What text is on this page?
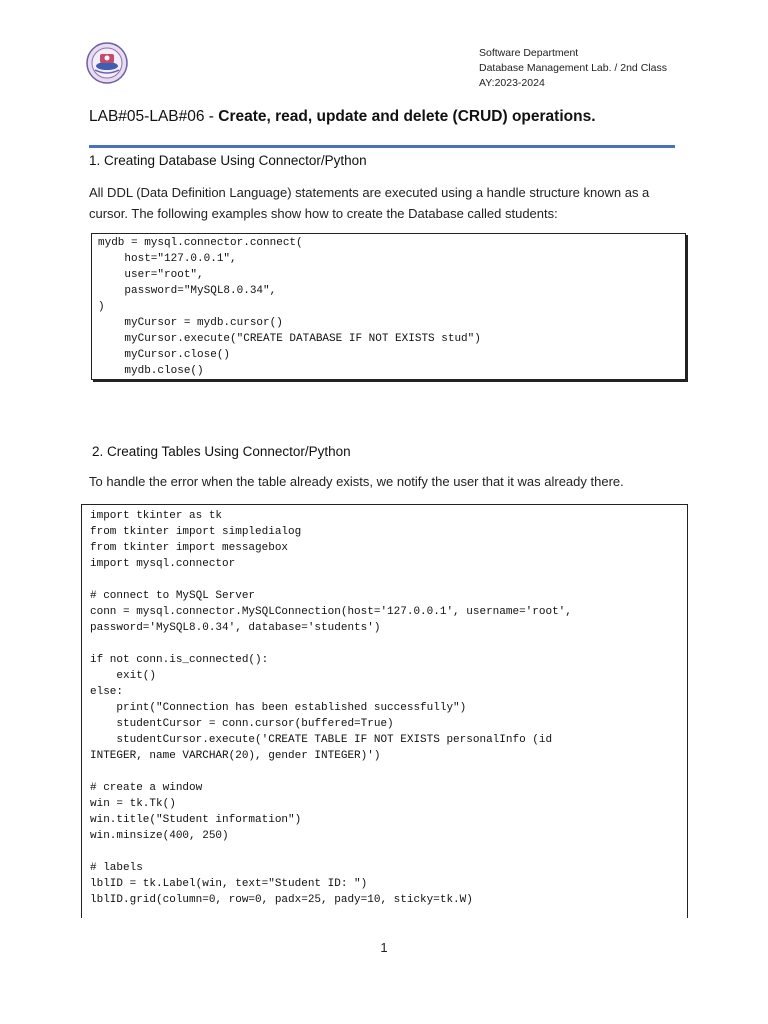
Software Department
Database Management Lab. / 2nd Class
AY:2023-2024
LAB#05-LAB#06 - Create, read, update and delete (CRUD) operations.
1. Creating Database Using Connector/Python
All DDL (Data Definition Language) statements are executed using a handle structure known as a cursor. The following examples show how to create the Database called students:
mydb = mysql.connector.connect(
host="127.0.0.1",
user="root",
password="MySQL8.0.34",
)
myCursor = mydb.cursor()
myCursor.execute("CREATE DATABASE IF NOT EXISTS stud")
myCursor.close()
mydb.close()
2. Creating Tables Using Connector/Python
To handle the error when the table already exists, we notify the user that it was already there.
import tkinter as tk
from tkinter import simpledialog
from tkinter import messagebox
import mysql.connector

# connect to MySQL Server
conn = mysql.connector.MySQLConnection(host='127.0.0.1', username='root',
password='MySQL8.0.34', database='students')

if not conn.is_connected():
exit()
else:
print("Connection has been established successfully")
studentCursor = conn.cursor(buffered=True)
studentCursor.execute('CREATE TABLE IF NOT EXISTS personalInfo (id
INTEGER, name VARCHAR(20), gender INTEGER)')

# create a window
win = tk.Tk()
win.title("Student information")
win.minsize(400, 250)

# labels
lblID = tk.Label(win, text="Student ID: ")
lblID.grid(column=0, row=0, padx=25, pady=10, sticky=tk.W)
1
